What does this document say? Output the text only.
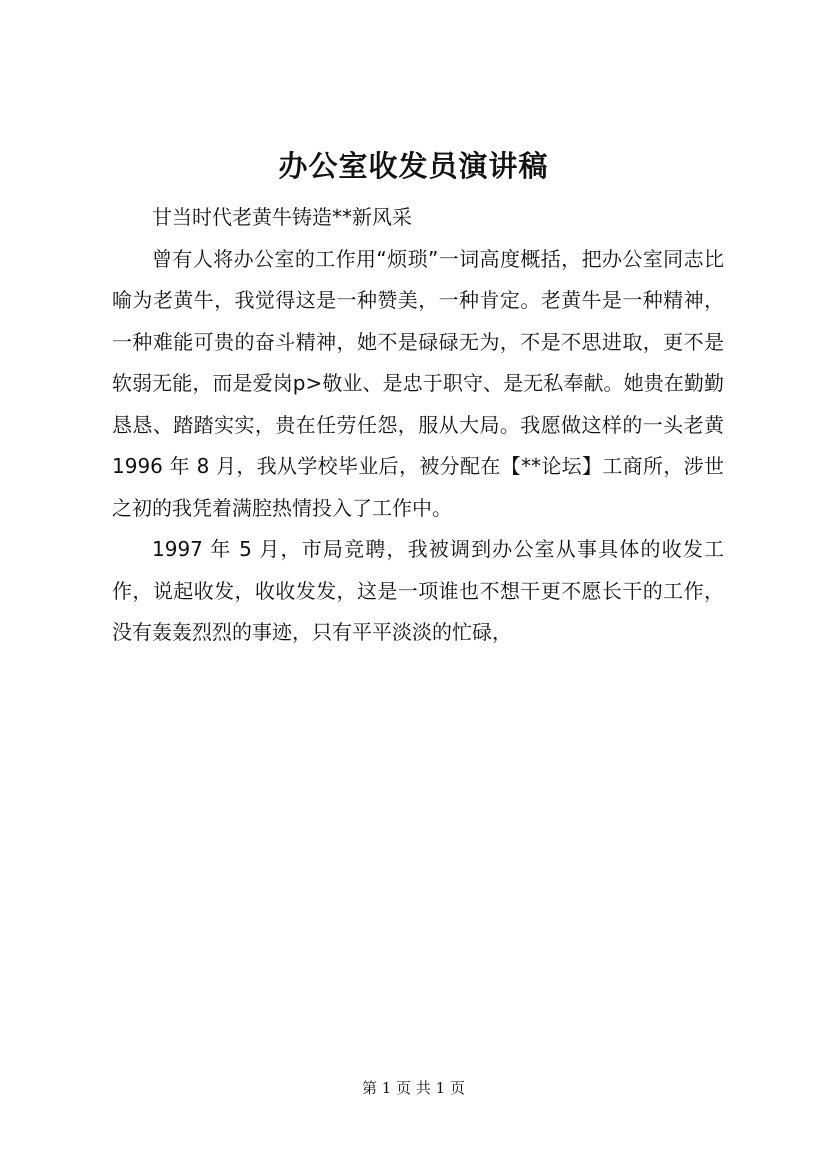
办公室收发员演讲稿

甘当时代老黄牛铸造**新风采

曾有人将办公室的工作用“烦琐”一词高度概括，把办公室同志比喻为老黄牛，我觉得这是一种赞美，一种肯定。老黄牛是一种精神，一种难能可贵的奋斗精神，她不是碌碌无为，不是不思进取，更不是软弱无能，而是爱岗p>敬业、是忠于职守、是无私奉献。她贵在勤勤恳恳、踏踏实实，贵在任劳任怨，服从大局。我愿做这样的一头老黄 1996 年 8 月，我从学校毕业后，被分配在【**论坛】工商所，涉世之初的我凭着满腔热情投入了工作中。

1997 年 5 月，市局竞聘，我被调到办公室从事具体的收发工作，说起收发，收收发发，这是一项谁也不想干更不愿长干的工作，没有轰轰烈烈的事迹，只有平平淡淡的忙碌，

第 1 页 共 1 页
